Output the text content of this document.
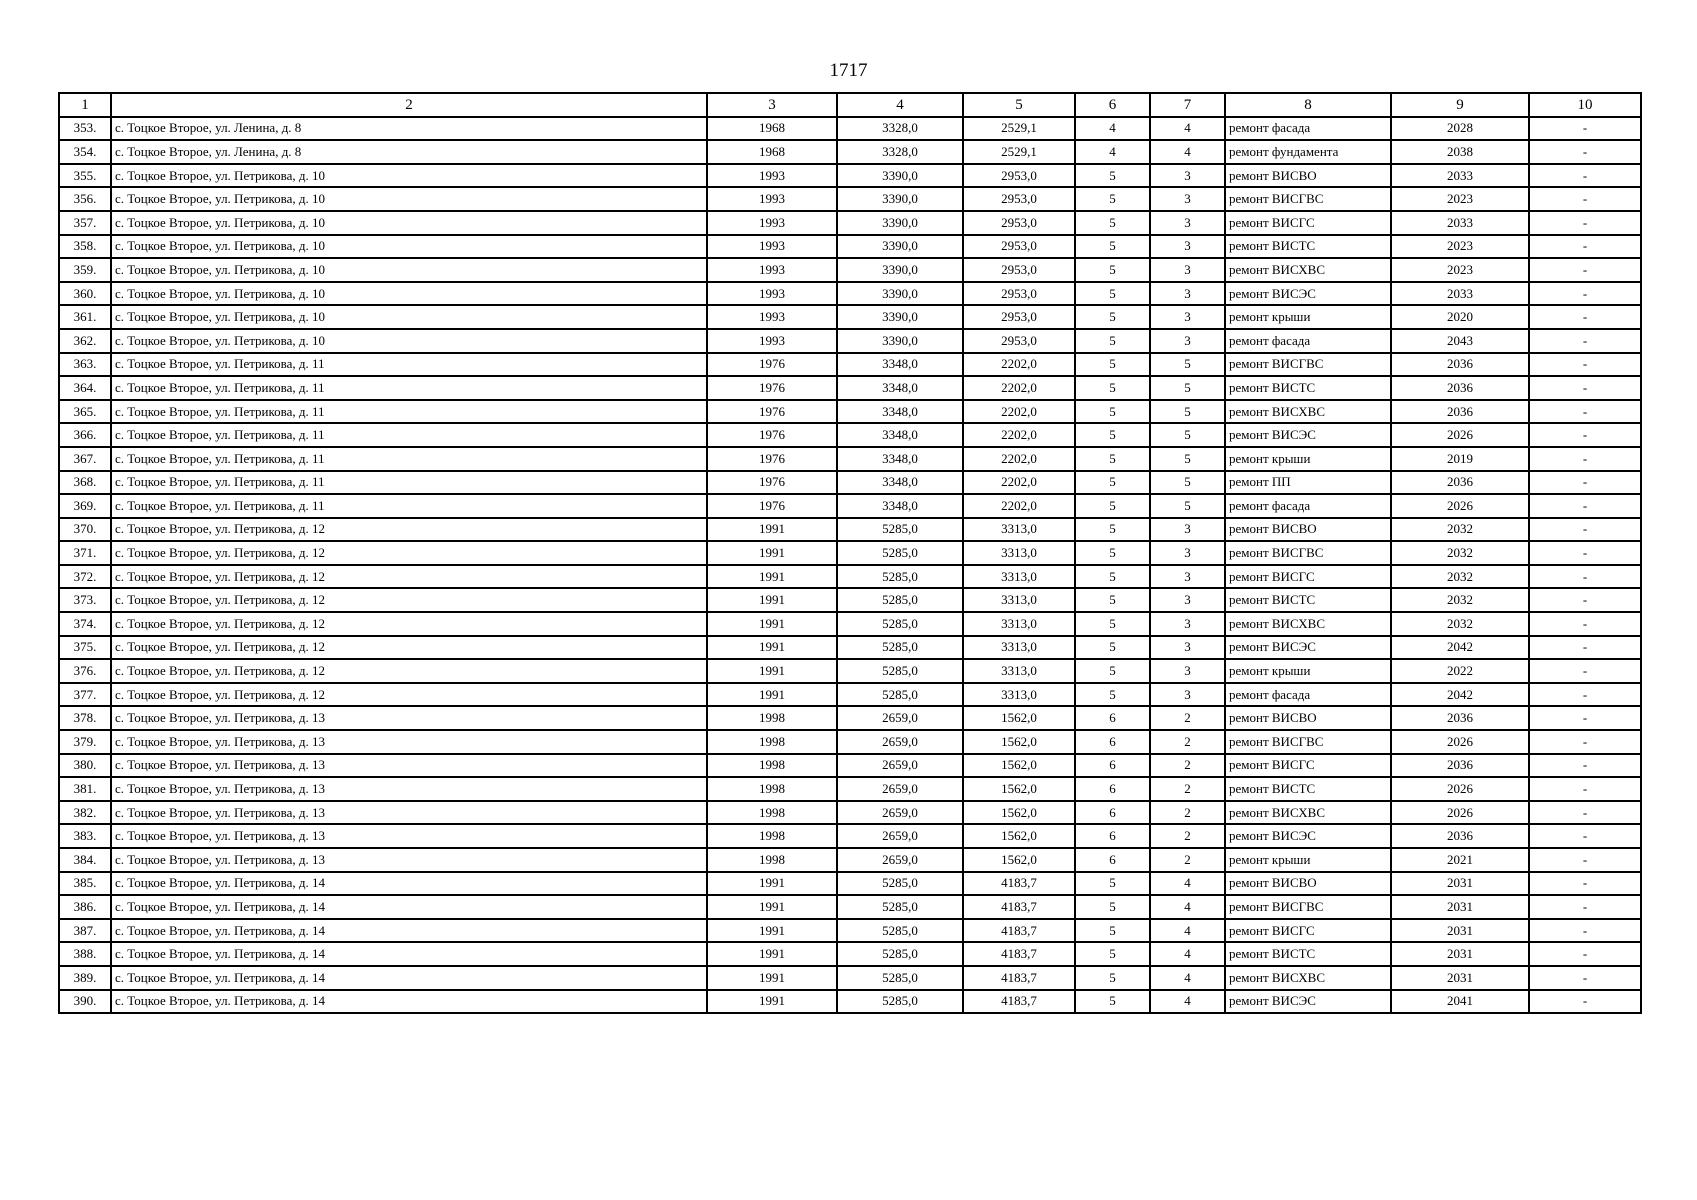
1717
1	2	3	4	5	6	7	8	9	10
353.	с. Тоцкое Второе, ул. Ленина, д. 8	1968	3328,0	2529,1	4	4	ремонт фасада	2028	-
354.	с. Тоцкое Второе, ул. Ленина, д. 8	1968	3328,0	2529,1	4	4	ремонт фундамента	2038	-
355.	с. Тоцкое Второе, ул. Петрикова, д. 10	1993	3390,0	2953,0	5	3	ремонт ВИСВО	2033	-
356.	с. Тоцкое Второе, ул. Петрикова, д. 10	1993	3390,0	2953,0	5	3	ремонт ВИСГВС	2023	-
357.	с. Тоцкое Второе, ул. Петрикова, д. 10	1993	3390,0	2953,0	5	3	ремонт ВИСГС	2033	-
358.	с. Тоцкое Второе, ул. Петрикова, д. 10	1993	3390,0	2953,0	5	3	ремонт ВИСТС	2023	-
359.	с. Тоцкое Второе, ул. Петрикова, д. 10	1993	3390,0	2953,0	5	3	ремонт ВИСХВС	2023	-
360.	с. Тоцкое Второе, ул. Петрикова, д. 10	1993	3390,0	2953,0	5	3	ремонт ВИСЭС	2033	-
361.	с. Тоцкое Второе, ул. Петрикова, д. 10	1993	3390,0	2953,0	5	3	ремонт крыши	2020	-
362.	с. Тоцкое Второе, ул. Петрикова, д. 10	1993	3390,0	2953,0	5	3	ремонт фасада	2043	-
363.	с. Тоцкое Второе, ул. Петрикова, д. 11	1976	3348,0	2202,0	5	5	ремонт ВИСГВС	2036	-
364.	с. Тоцкое Второе, ул. Петрикова, д. 11	1976	3348,0	2202,0	5	5	ремонт ВИСТС	2036	-
365.	с. Тоцкое Второе, ул. Петрикова, д. 11	1976	3348,0	2202,0	5	5	ремонт ВИСХВС	2036	-
366.	с. Тоцкое Второе, ул. Петрикова, д. 11	1976	3348,0	2202,0	5	5	ремонт ВИСЭС	2026	-
367.	с. Тоцкое Второе, ул. Петрикова, д. 11	1976	3348,0	2202,0	5	5	ремонт крыши	2019	-
368.	с. Тоцкое Второе, ул. Петрикова, д. 11	1976	3348,0	2202,0	5	5	ремонт ПП	2036	-
369.	с. Тоцкое Второе, ул. Петрикова, д. 11	1976	3348,0	2202,0	5	5	ремонт фасада	2026	-
370.	с. Тоцкое Второе, ул. Петрикова, д. 12	1991	5285,0	3313,0	5	3	ремонт ВИСВО	2032	-
371.	с. Тоцкое Второе, ул. Петрикова, д. 12	1991	5285,0	3313,0	5	3	ремонт ВИСГВС	2032	-
372.	с. Тоцкое Второе, ул. Петрикова, д. 12	1991	5285,0	3313,0	5	3	ремонт ВИСГС	2032	-
373.	с. Тоцкое Второе, ул. Петрикова, д. 12	1991	5285,0	3313,0	5	3	ремонт ВИСТС	2032	-
374.	с. Тоцкое Второе, ул. Петрикова, д. 12	1991	5285,0	3313,0	5	3	ремонт ВИСХВС	2032	-
375.	с. Тоцкое Второе, ул. Петрикова, д. 12	1991	5285,0	3313,0	5	3	ремонт ВИСЭС	2042	-
376.	с. Тоцкое Второе, ул. Петрикова, д. 12	1991	5285,0	3313,0	5	3	ремонт крыши	2022	-
377.	с. Тоцкое Второе, ул. Петрикова, д. 12	1991	5285,0	3313,0	5	3	ремонт фасада	2042	-
378.	с. Тоцкое Второе, ул. Петрикова, д. 13	1998	2659,0	1562,0	6	2	ремонт ВИСВО	2036	-
379.	с. Тоцкое Второе, ул. Петрикова, д. 13	1998	2659,0	1562,0	6	2	ремонт ВИСГВС	2026	-
380.	с. Тоцкое Второе, ул. Петрикова, д. 13	1998	2659,0	1562,0	6	2	ремонт ВИСГС	2036	-
381.	с. Тоцкое Второе, ул. Петрикова, д. 13	1998	2659,0	1562,0	6	2	ремонт ВИСТС	2026	-
382.	с. Тоцкое Второе, ул. Петрикова, д. 13	1998	2659,0	1562,0	6	2	ремонт ВИСХВС	2026	-
383.	с. Тоцкое Второе, ул. Петрикова, д. 13	1998	2659,0	1562,0	6	2	ремонт ВИСЭС	2036	-
384.	с. Тоцкое Второе, ул. Петрикова, д. 13	1998	2659,0	1562,0	6	2	ремонт крыши	2021	-
385.	с. Тоцкое Второе, ул. Петрикова, д. 14	1991	5285,0	4183,7	5	4	ремонт ВИСВО	2031	-
386.	с. Тоцкое Второе, ул. Петрикова, д. 14	1991	5285,0	4183,7	5	4	ремонт ВИСГВС	2031	-
387.	с. Тоцкое Второе, ул. Петрикова, д. 14	1991	5285,0	4183,7	5	4	ремонт ВИСГС	2031	-
388.	с. Тоцкое Второе, ул. Петрикова, д. 14	1991	5285,0	4183,7	5	4	ремонт ВИСТС	2031	-
389.	с. Тоцкое Второе, ул. Петрикова, д. 14	1991	5285,0	4183,7	5	4	ремонт ВИСХВС	2031	-
390.	с. Тоцкое Второе, ул. Петрикова, д. 14	1991	5285,0	4183,7	5	4	ремонт ВИСЭС	2041	-
